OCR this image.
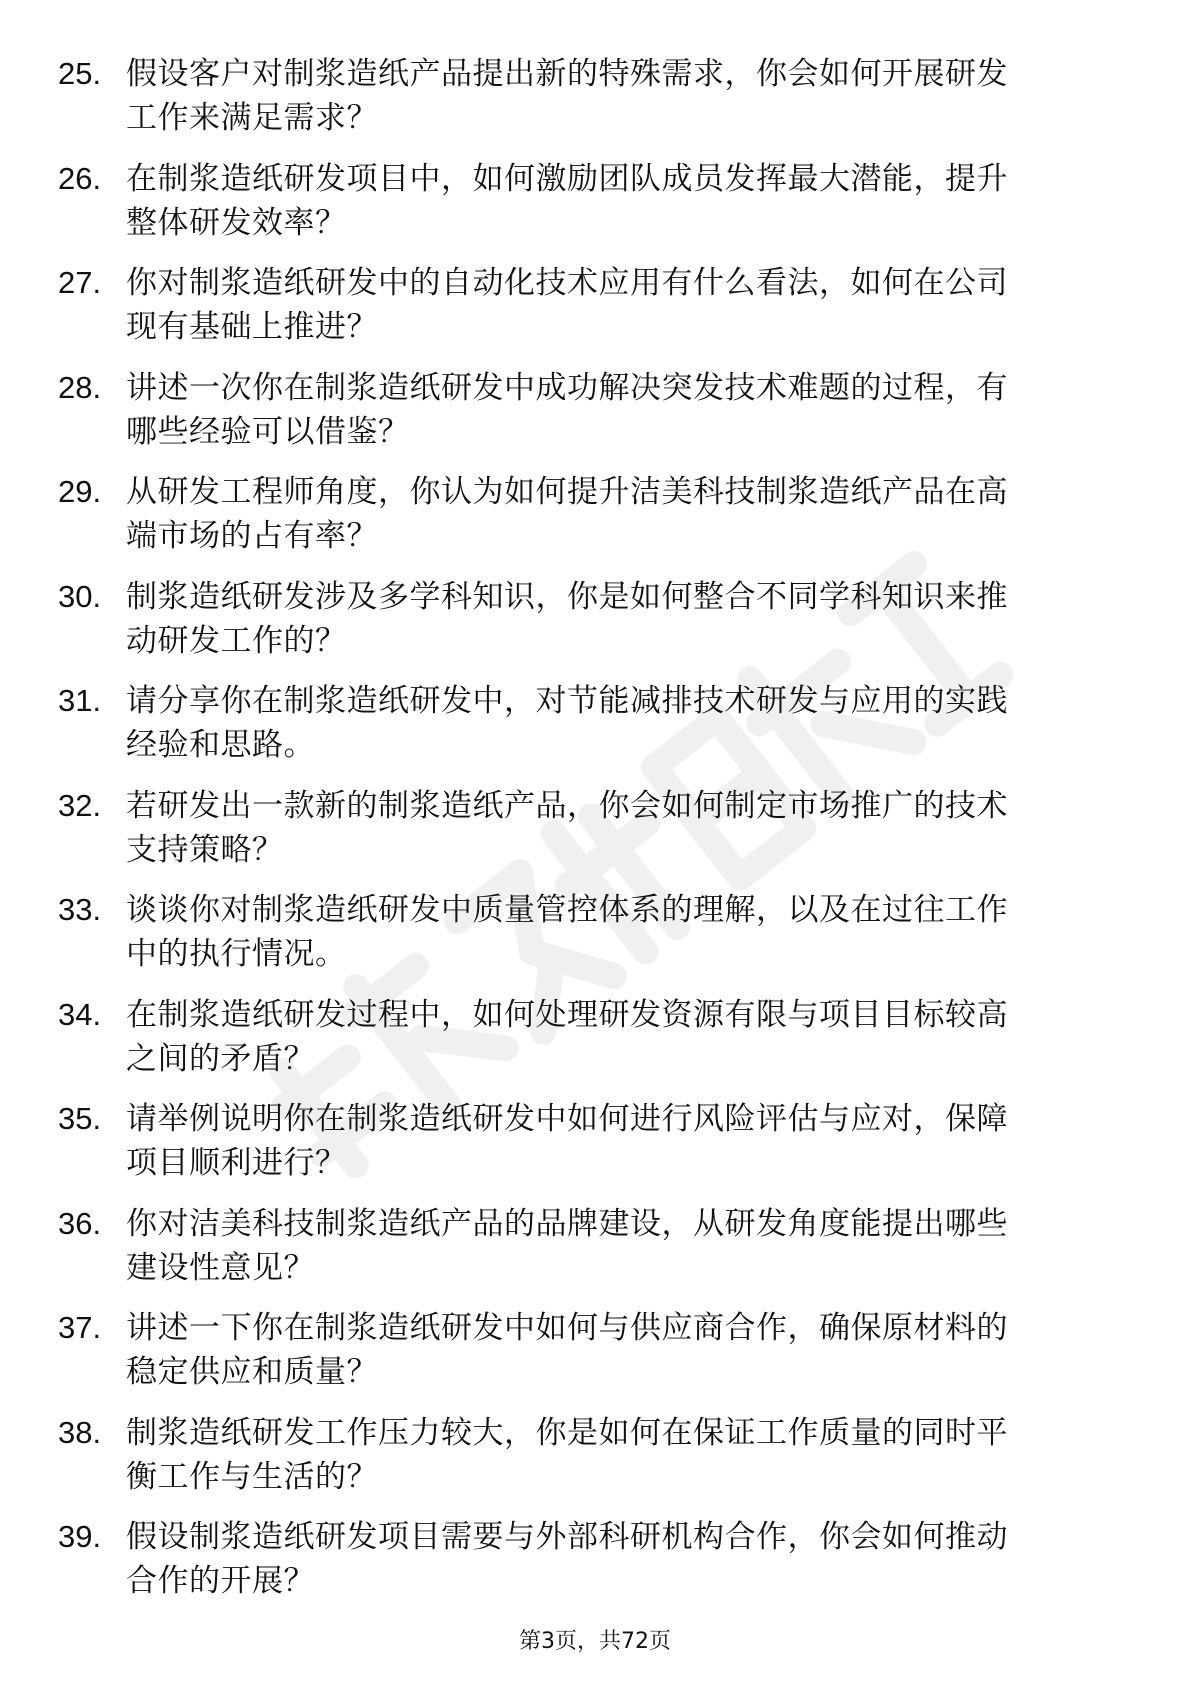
25. 假设客户对制浆造纸产品提出新的特殊需求，你会如何开展研发
工作来满足需求？
26. 在制浆造纸研发项目中，如何激励团队成员发挥最大潜能，提升
整体研发效率？
27. 你对制浆造纸研发中的自动化技术应用有什么看法，如何在公司
现有基础上推进？
28. 讲述一次你在制浆造纸研发中成功解决突发技术难题的过程，有
哪些经验可以借鉴？
29. 从研发工程师角度，你认为如何提升洁美科技制浆造纸产品在高
端市场的占有率？
30. 制浆造纸研发涉及多学科知识，你是如何整合不同学科知识来推
动研发工作的？
31. 请分享你在制浆造纸研发中，对节能减排技术研发与应用的实践
经验和思路。
32. 若研发出一款新的制浆造纸产品，你会如何制定市场推广的技术
支持策略？
33. 谈谈你对制浆造纸研发中质量管控体系的理解，以及在过往工作
中的执行情况。
34. 在制浆造纸研发过程中，如何处理研发资源有限与项目目标较高
之间的矛盾？
35. 请举例说明你在制浆造纸研发中如何进行风险评估与应对，保障
项目顺利进行？
36. 你对洁美科技制浆造纸产品的品牌建设，从研发角度能提出哪些
建设性意见？
37. 讲述一下你在制浆造纸研发中如何与供应商合作，确保原材料的
稳定供应和质量？
38. 制浆造纸研发工作压力较大，你是如何在保证工作质量的同时平
衡工作与生活的？
39. 假设制浆造纸研发项目需要与外部科研机构合作，你会如何推动
合作的开展？
第3页，共72页
